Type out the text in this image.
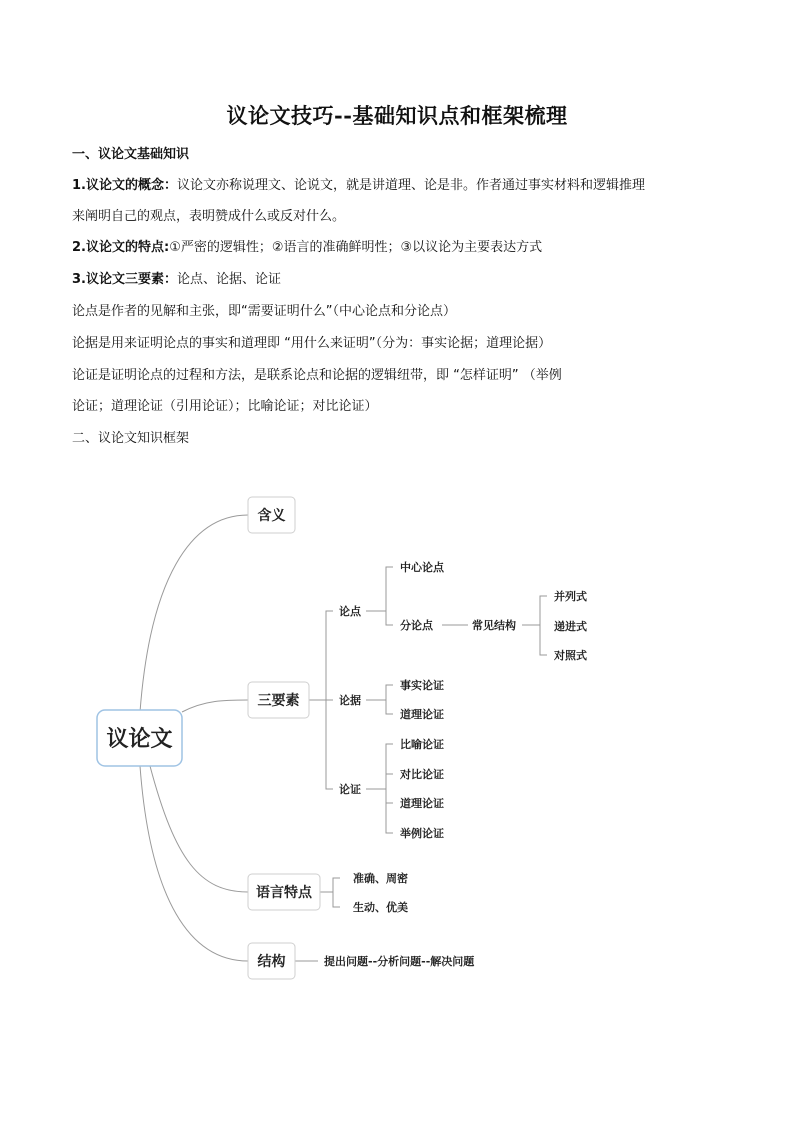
议论文技巧--基础知识点和框架梳理
一、议论文基础知识
1.议论文的概念：议论文亦称说理文、论说文，就是讲道理、论是非。作者通过事实材料和逻辑推理
来阐明自己的观点，表明赞成什么或反对什么。
2.议论文的特点:①严密的逻辑性；②语言的准确鲜明性；③以议论为主要表达方式
3.议论文三要素：论点、论据、论证
论点是作者的见解和主张，即“需要证明什么”（中心论点和分论点）
论据是用来证明论点的事实和道理即 “用什么来证明”（分为：事实论据；道理论据）
论证是证明论点的过程和方法，是联系论点和论据的逻辑纽带，即 “怎样证明” （举例
论证；道理论证（引用论证）；比喻论证；对比论证）
二、议论文知识框架
议论文
含义
三要素
语言特点
结构
论点
中心论点
分论点	常见结构
并列式
递进式
对照式
论据
事实论证
道理论证
论证
比喻论证
对比论证
道理论证
举例论证
准确、周密
生动、优美
提出问题--分析问题--解决问题
